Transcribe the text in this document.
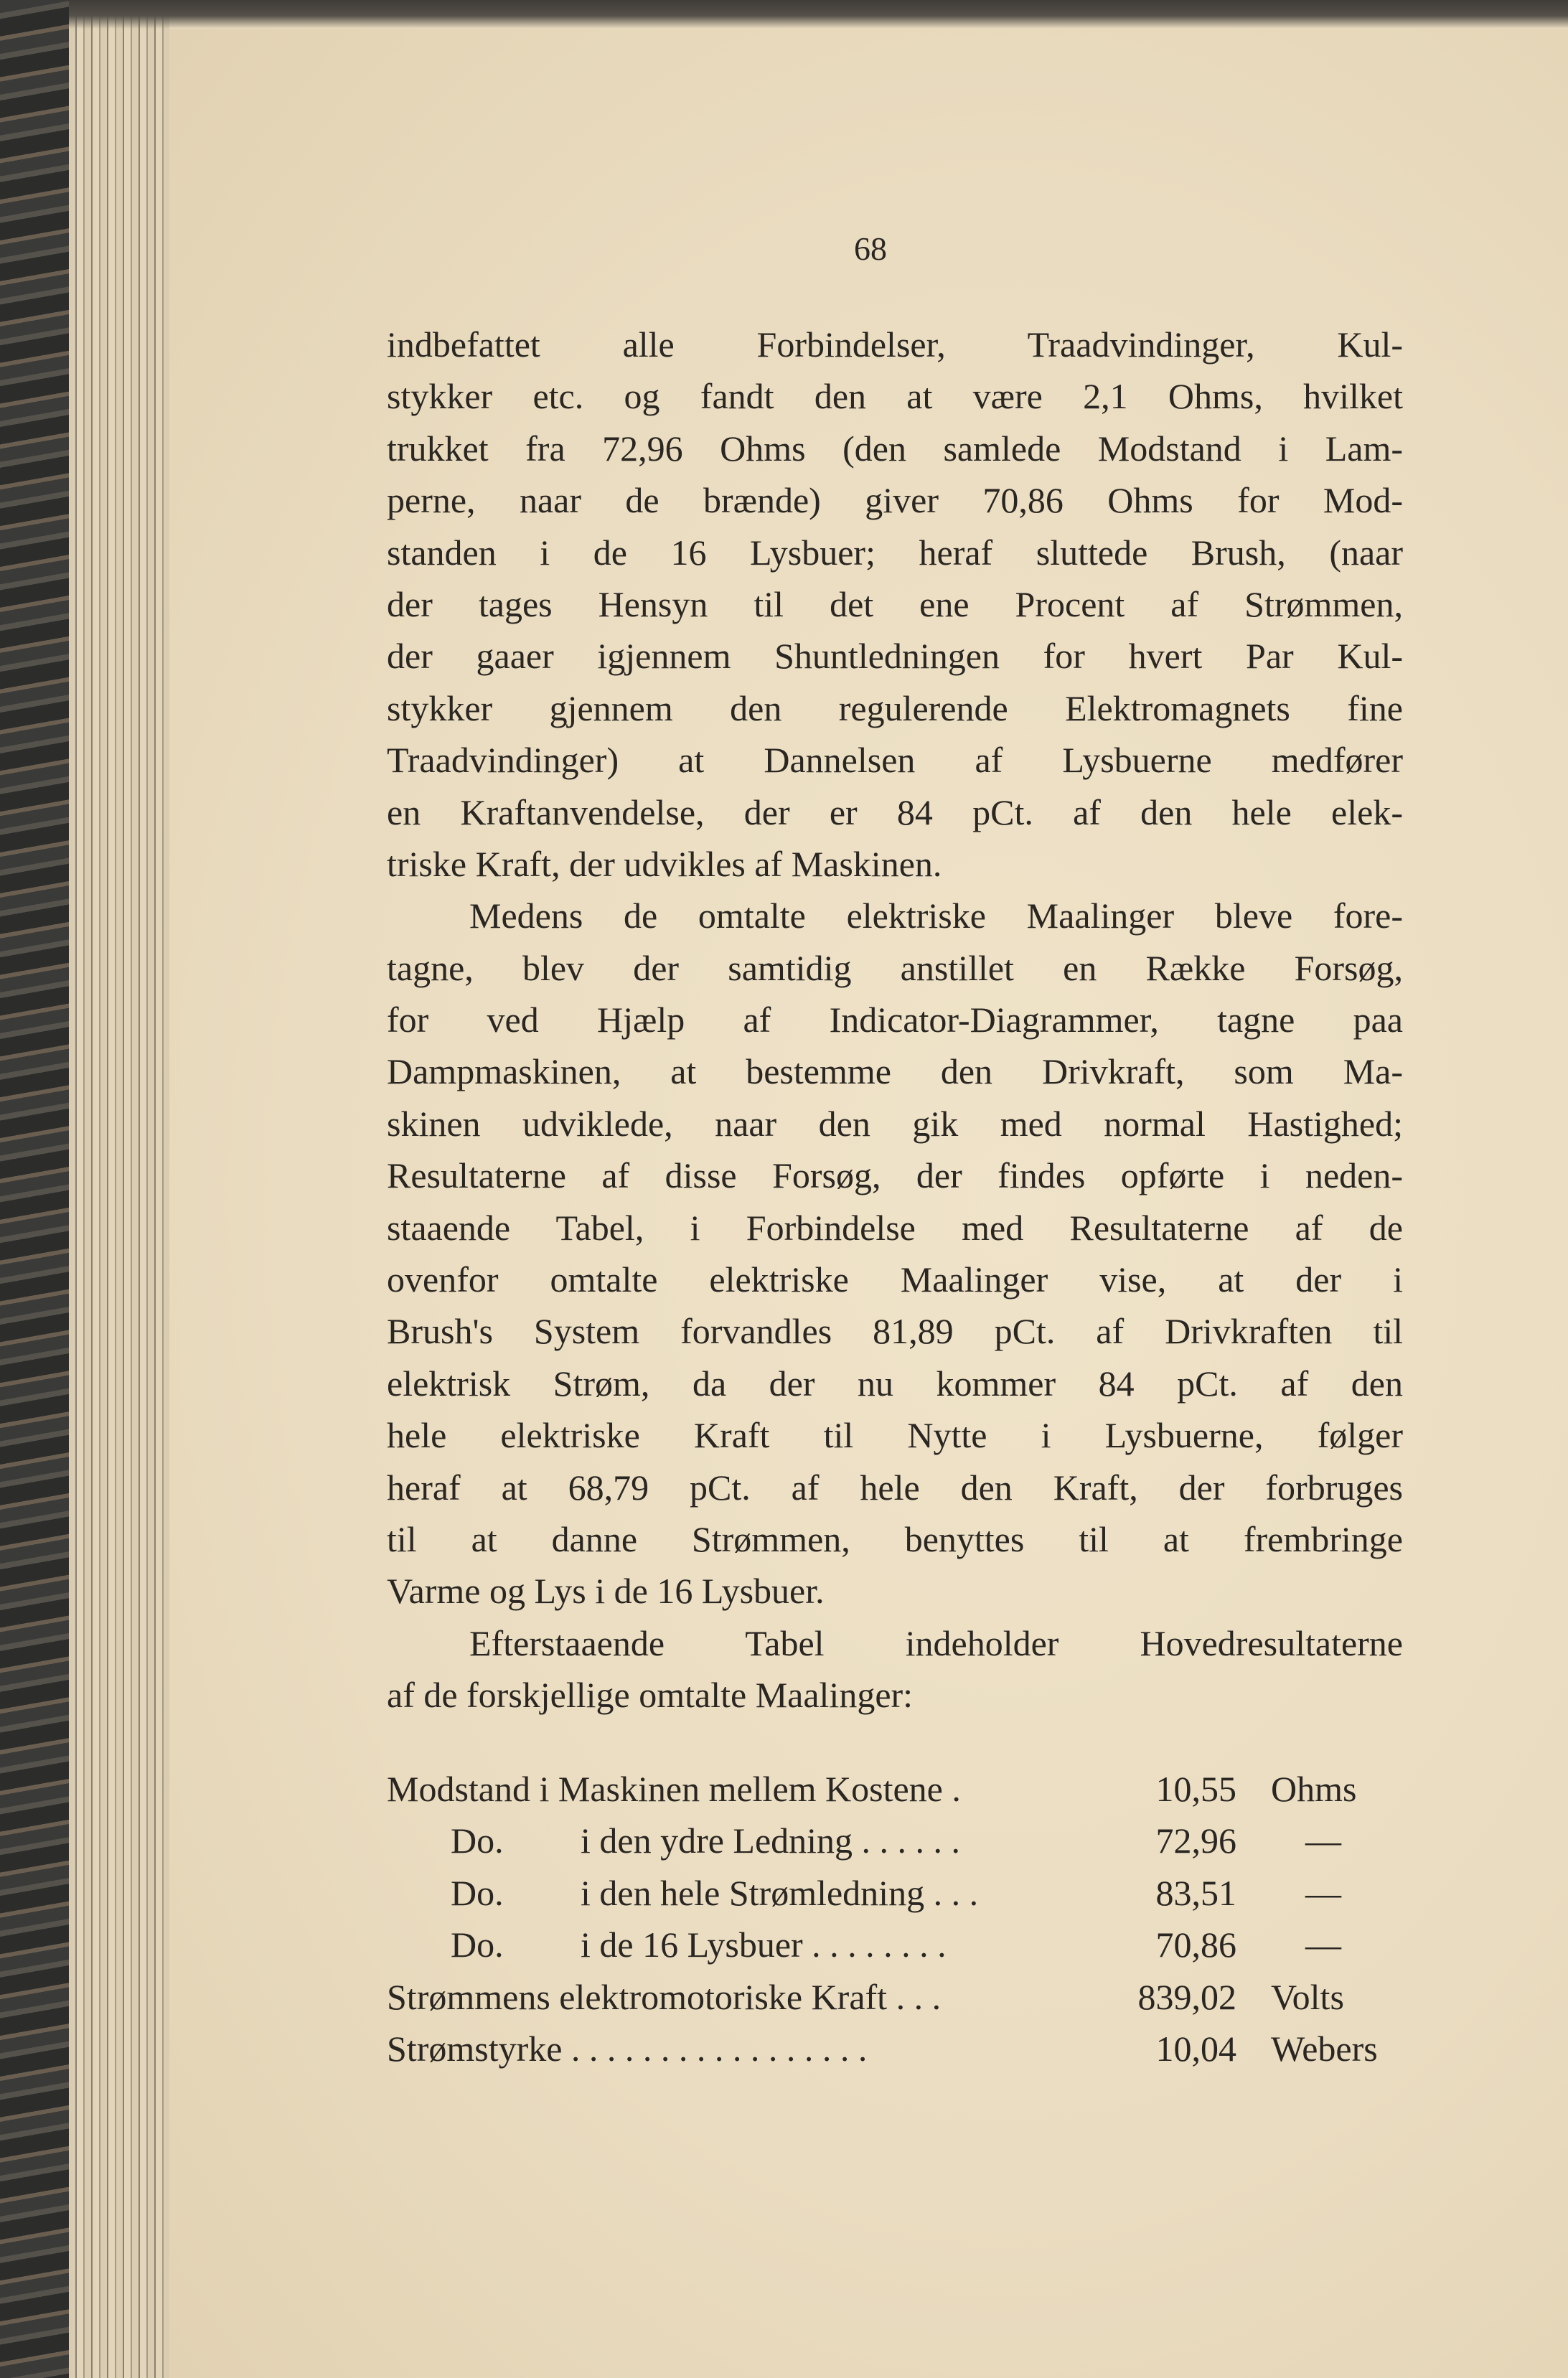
68
indbefattet alle Forbindelser, Traadvindinger, Kul-
stykker etc. og fandt den at være 2,1 Ohms, hvilket
trukket fra 72,96 Ohms (den samlede Modstand i Lam-
perne, naar de brænde) giver 70,86 Ohms for Mod-
standen i de 16 Lysbuer; heraf sluttede Brush, (naar
der tages Hensyn til det ene Procent af Strømmen,
der gaaer igjennem Shuntledningen for hvert Par Kul-
stykker gjennem den regulerende Elektromagnets fine
Traadvindinger) at Dannelsen af Lysbuerne medfører
en Kraftanvendelse, der er 84 pCt. af den hele elek-
triske Kraft, der udvikles af Maskinen.
Medens de omtalte elektriske Maalinger bleve fore-
tagne, blev der samtidig anstillet en Række Forsøg,
for ved Hjælp af Indicator-Diagrammer, tagne paa
Dampmaskinen, at bestemme den Drivkraft, som Ma-
skinen udviklede, naar den gik med normal Hastighed;
Resultaterne af disse Forsøg, der findes opførte i neden-
staaende Tabel, i Forbindelse med Resultaterne af de
ovenfor omtalte elektriske Maalinger vise, at der i
Brush's System forvandles 81,89 pCt. af Drivkraften til
elektrisk Strøm, da der nu kommer 84 pCt. af den
hele elektriske Kraft til Nytte i Lysbuerne, følger
heraf at 68,79 pCt. af hele den Kraft, der forbruges
til at danne Strømmen, benyttes til at frembringe
Varme og Lys i de 16 Lysbuer.
Efterstaaende Tabel indeholder Hovedresultaterne
af de forskjellige omtalte Maalinger:
Modstand i Maskinen mellem Kostene .	10,55 Ohms
Do. i den ydre Ledning . . . . . .	72,96 —
Do. i den hele Strømledning . . .	83,51 —
Do. i de 16 Lysbuer . . . . . . . .	70,86 —
Strømmens elektromotoriske Kraft . . .	839,02 Volts
Strømstyrke . . . . . . . . . . . . . . . . .	10,04 Webers
